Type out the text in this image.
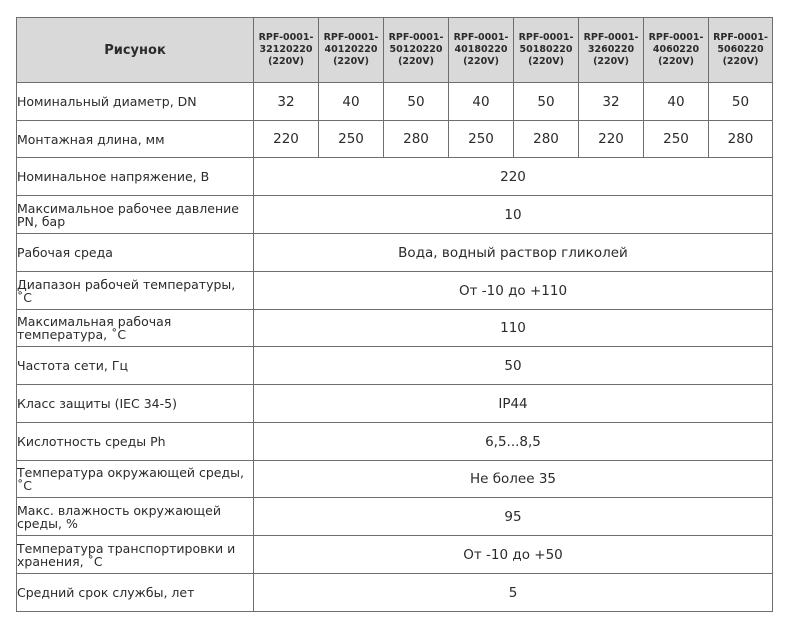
Рисунок	RPF-0001-
32120220
(220V)	RPF-0001-
40120220
(220V)	RPF-0001-
50120220
(220V)	RPF-0001-
40180220
(220V)	RPF-0001-
50180220
(220V)	RPF-0001-
3260220
(220V)	RPF-0001-
4060220
(220V)	RPF-0001-
5060220
(220V)

Номинальный диаметр, DN	32	40	50	40	50	32	40	50
Монтажная длина, мм	220	250	280	250	280	220	250	280
Номинальное напряжение, В	220							
Максимальное рабочее давление PN, бар	10							
Рабочая среда	Вода, водный раствор гликолей							
Диапазон рабочей температуры, ˚С	От -10 до +110							
Максимальная рабочая температура, ˚С	110							
Частота сети, Гц	50							
Класс защиты (IEC 34-5)	IP44							
Кислотность среды Ph	6,5...8,5							
Температура окружающей среды, ˚С	Не более 35							
Макс. влажность окружающей среды, %	95							
Температура транспортировки и хранения, ˚С	От -10 до +50							
Средний срок службы, лет	5							
